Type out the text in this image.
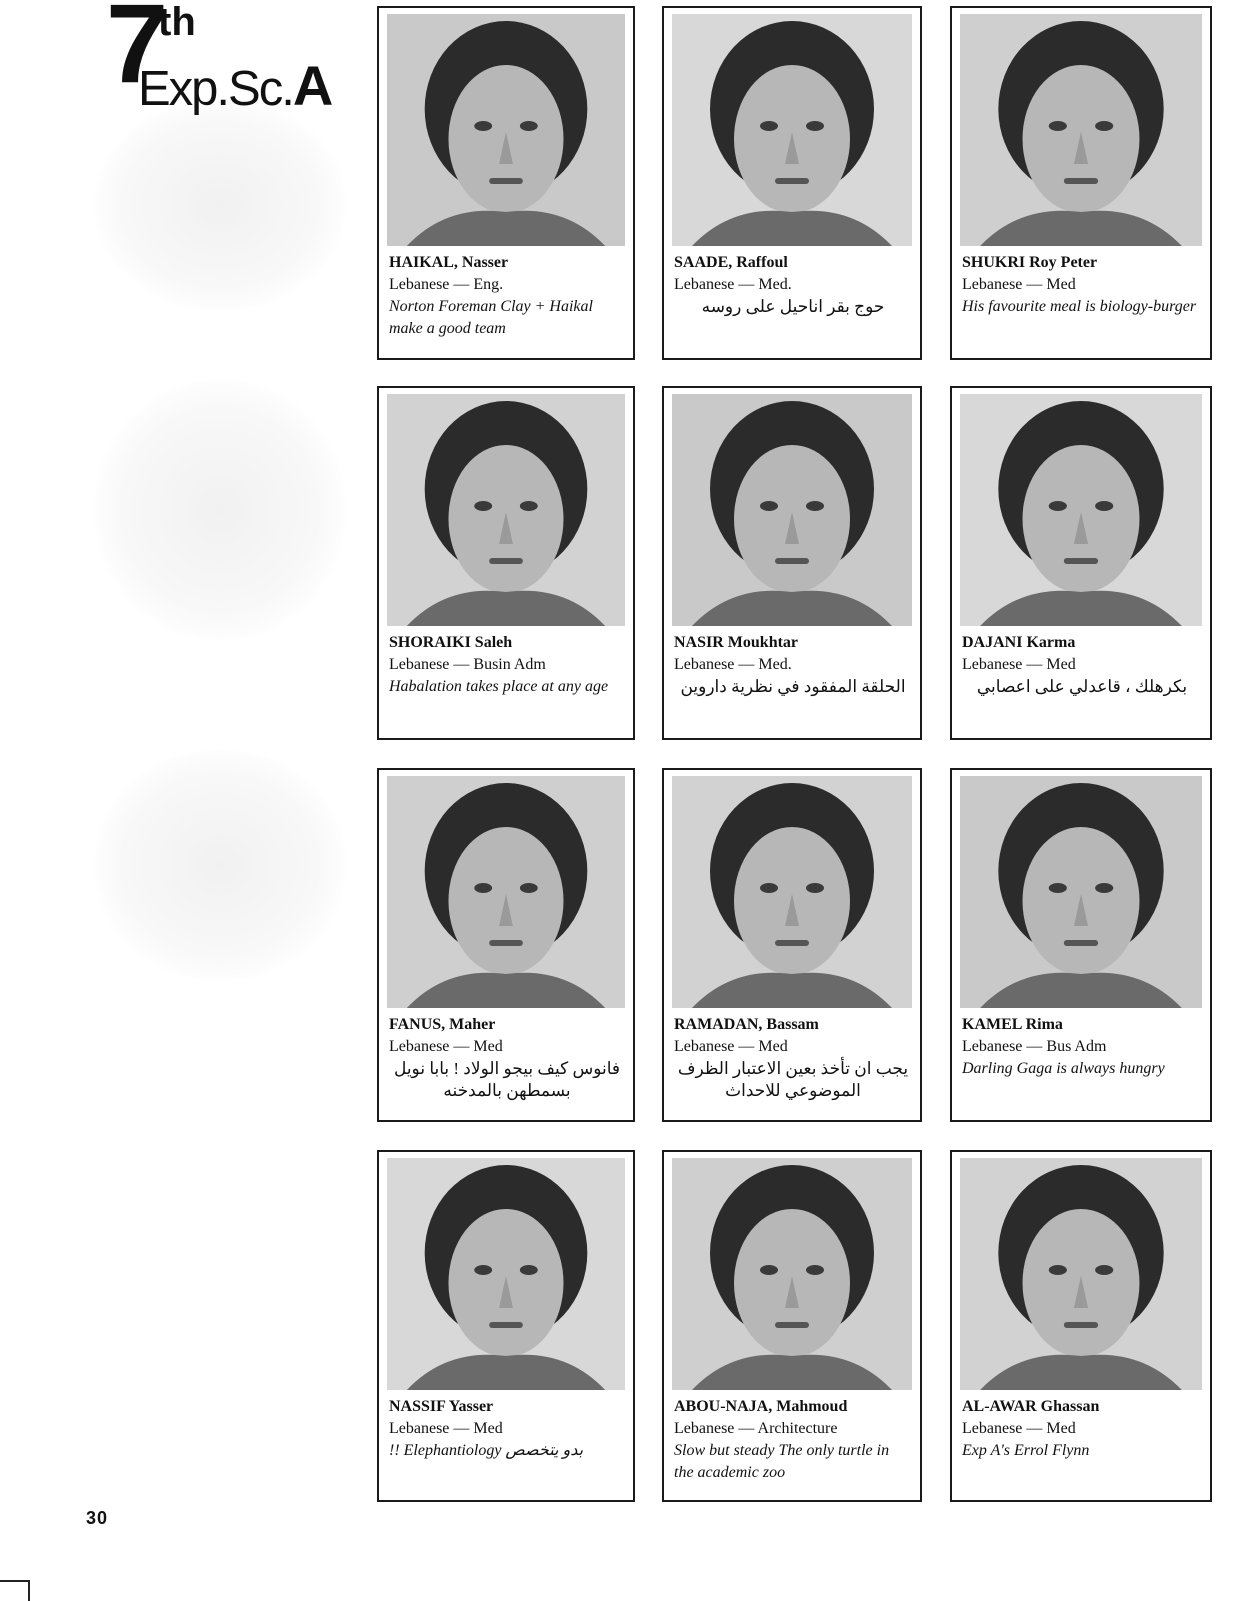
7
th
Exp.Sc.A
HAIKAL, Nasser
Lebanese — Eng.
Norton Foreman Clay + Haikal make a good team
SAADE, Raffoul
Lebanese — Med.
حوج بقر اناحيل على روسه
SHUKRI Roy Peter
Lebanese — Med
His favourite meal is biology-burger
SHORAIKI Saleh
Lebanese — Busin Adm
Habalation takes place at any age
NASIR Moukhtar
Lebanese — Med.
الحلقة المفقود في نظرية داروين
DAJANI Karma
Lebanese — Med
بكرهلك ، قاعدلي على اعصابي
FANUS, Maher
Lebanese — Med
فانوس كيف بيجو الولاد ! بابا نويل بسمطهن بالمدخنه
RAMADAN, Bassam
Lebanese — Med
يجب ان تأخذ بعين الاعتبار الظرف الموضوعي للاحداث
KAMEL Rima
Lebanese — Bus Adm
Darling Gaga is always hungry
NASSIF Yasser
Lebanese — Med
!! Elephantiology بدو يتخصص
ABOU-NAJA, Mahmoud
Lebanese — Architecture
Slow but steady The only turtle in the academic zoo
AL-AWAR Ghassan
Lebanese — Med
Exp A's Errol Flynn
30
